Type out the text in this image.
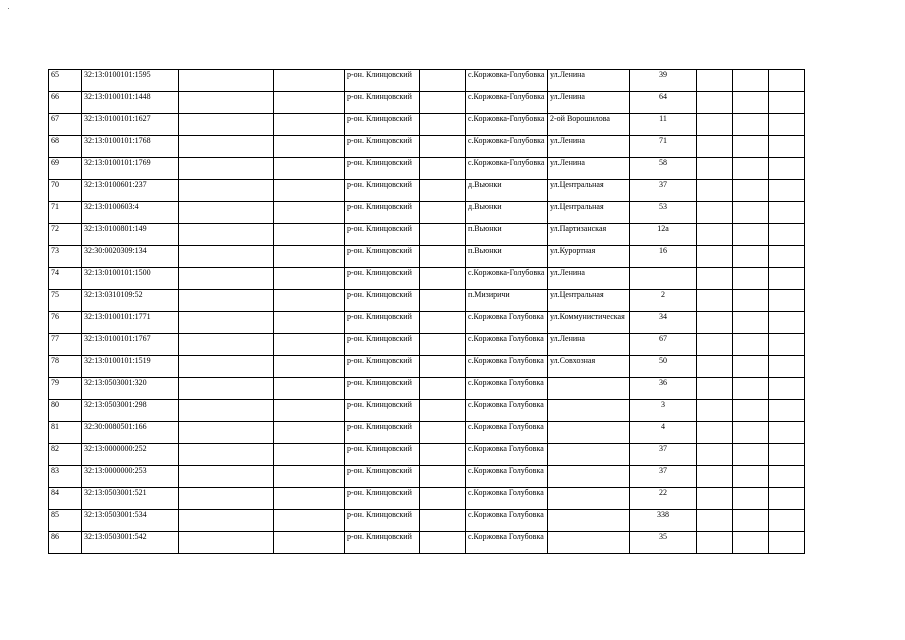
65	32:13:0100101:1595			р-он. Клинцовский		с.Коржовка-Голубовка	ул.Ленина	39			
66	32:13:0100101:1448			р-он. Клинцовский		с.Коржовка-Голубовка	ул.Ленина	64			
67	32:13:0100101:1627			р-он. Клинцовский		с.Коржовка-Голубовка	2-ой Ворошилова	11			
68	32:13:0100101:1768			р-он. Клинцовский		с.Коржовка-Голубовка	ул.Ленина	71			
69	32:13:0100101:1769			р-он. Клинцовский		с.Коржовка-Голубовка	ул.Ленина	58			
70	32:13:0100601:237			р-он. Клинцовский		д.Вьюнки	ул.Центральная	37			
71	32:13:0100603:4			р-он. Клинцовский		д.Вьюнки	ул.Центральная	53			
72	32:13:0100801:149			р-он. Клинцовский		п.Вьюнки	ул.Партизанская	12а			
73	32:30:0020309:134			р-он. Клинцовский		п.Вьюнки	ул.Курортная	16			
74	32:13:0100101:1500			р-он. Клинцовский		с.Коржовка-Голубовка	ул.Ленина				
75	32:13:0310109:52			р-он. Клинцовский		п.Мизиричи	ул.Центральная	2			
76	32:13:0100101:1771			р-он. Клинцовский		с.Коржовка Голубовка	ул.Коммунистическая	34			
77	32:13:0100101:1767			р-он. Клинцовский		с.Коржовка Голубовка	ул.Ленина	67			
78	32:13:0100101:1519			р-он. Клинцовский		с.Коржовка Голубовка	ул.Совхозная	50			
79	32:13:0503001:320			р-он. Клинцовский		с.Коржовка Голубовка		36			
80	32:13:0503001:298			р-он. Клинцовский		с.Коржовка Голубовка		3			
81	32:30:0080501:166			р-он. Клинцовский		с.Коржовка Голубовка		4			
82	32:13:0000000:252			р-он. Клинцовский		с.Коржовка Голубовка		37			
83	32:13:0000000:253			р-он. Клинцовский		с.Коржовка Голубовка		37			
84	32:13:0503001:521			р-он. Клинцовский		с.Коржовка Голубовка		22			
85	32:13:0503001:534			р-он. Клинцовский		с.Коржовка Голубовка		338			
86	32:13:0503001:542			р-он. Клинцовский		с.Коржовка Голубовка		35			
